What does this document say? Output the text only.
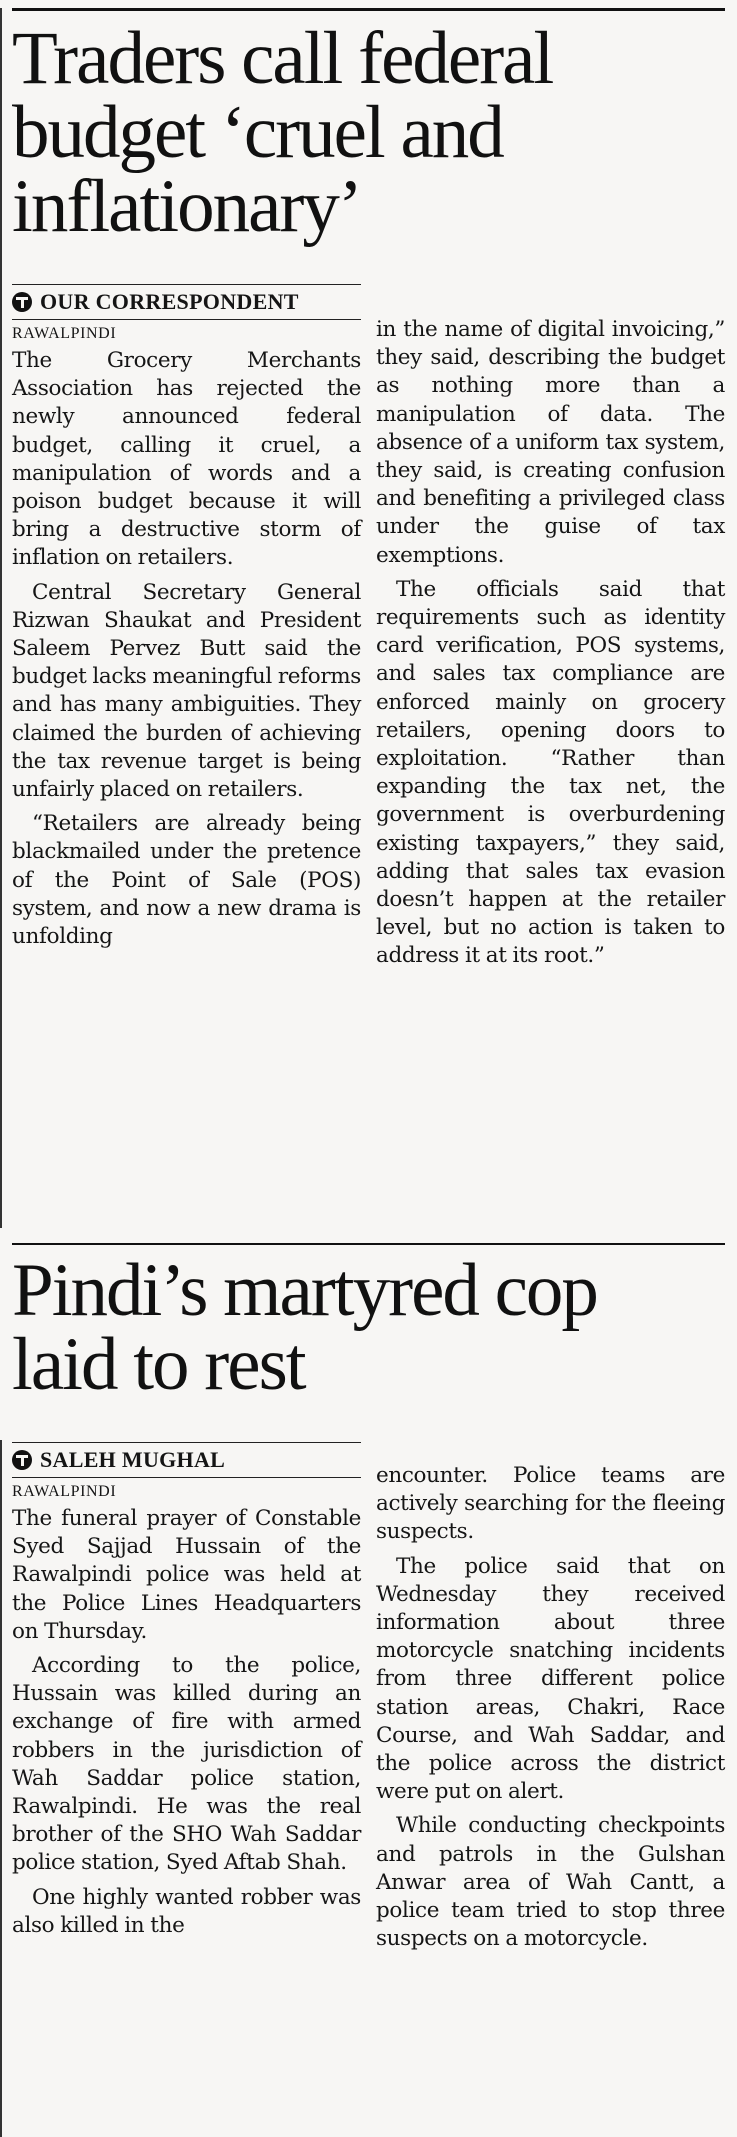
Traders call federal budget ‘cruel and inflationary’
OUR CORRESPONDENT
RAWALPINDI

The Grocery Merchants Association has rejected the newly announced federal budget, calling it cruel, a manipulation of words and a poison budget because it will bring a destructive storm of inflation on retailers.

Central Secretary General Rizwan Shaukat and President Saleem Pervez Butt said the budget lacks meaningful reforms and has many ambiguities. They claimed the burden of achieving the tax revenue target is being unfairly placed on retailers.

“Retailers are already being blackmailed under the pretence of the Point of Sale (POS) system, and now a new drama is unfolding

in the name of digital invoicing,” they said, describing the budget as nothing more than a manipulation of data. The absence of a uniform tax system, they said, is creating confusion and benefiting a privileged class under the guise of tax exemptions.

The officials said that requirements such as identity card verification, POS systems, and sales tax compliance are enforced mainly on grocery retailers, opening doors to exploitation. “Rather than expanding the tax net, the government is overburdening existing taxpayers,” they said, adding that sales tax evasion doesn’t happen at the retailer level, but no action is taken to address it at its root.”

Pindi’s martyred cop laid to rest
SALEH MUGHAL
RAWALPINDI

The funeral prayer of Constable Syed Sajjad Hussain of the Rawalpindi police was held at the Police Lines Headquarters on Thursday.

According to the police, Hussain was killed during an exchange of fire with armed robbers in the jurisdiction of Wah Saddar police station, Rawalpindi. He was the real brother of the SHO Wah Saddar police station, Syed Aftab Shah.

One highly wanted robber was also killed in the

encounter. Police teams are actively searching for the fleeing suspects.

The police said that on Wednesday they received information about three motorcycle snatching incidents from three different police station areas, Chakri, Race Course, and Wah Saddar, and the police across the district were put on alert.

While conducting checkpoints and patrols in the Gulshan Anwar area of Wah Cantt, a police team tried to stop three suspects on a motorcycle.
